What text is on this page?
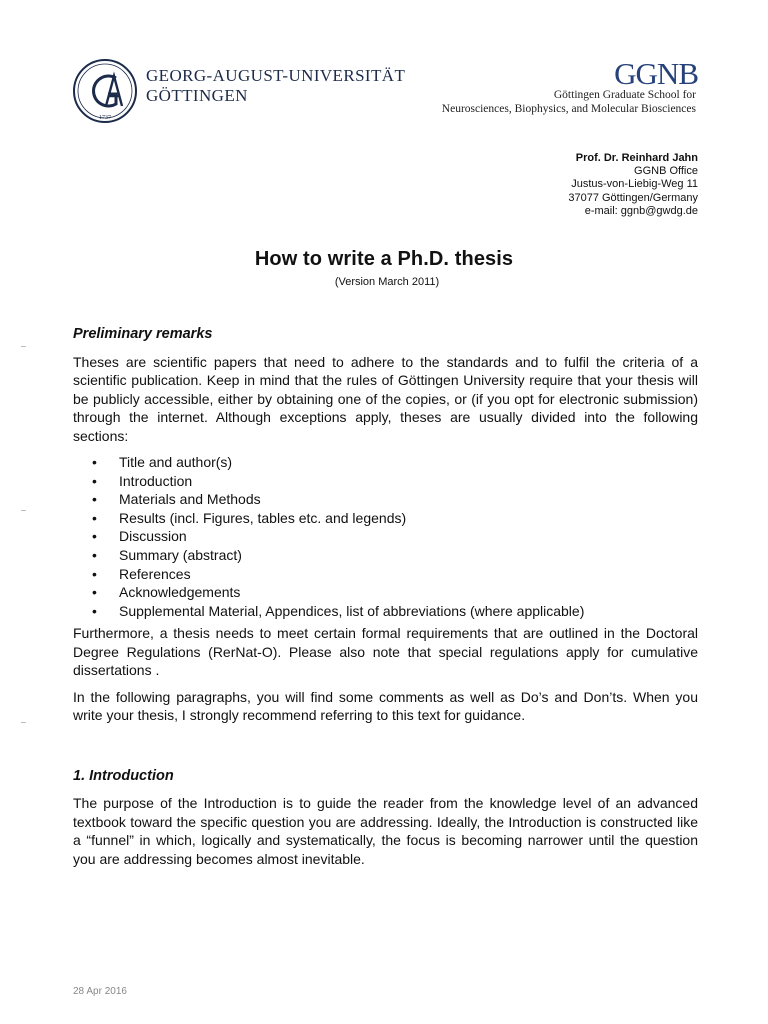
1737
GEORG-AUGUST-UNIVERSITÄT
GÖTTINGEN
GGNB
Göttingen Graduate School for
Neurosciences, Biophysics, and Molecular Biosciences
Prof. Dr. Reinhard Jahn
GGNB Office
Justus-von-Liebig-Weg 11
37077 Göttingen/Germany
e-mail: ggnb@gwdg.de
How to write a Ph.D. thesis
(Version March 2011)
Preliminary remarks
Theses are scientific papers that need to adhere to the standards and to fulfil the criteria of a scientific publication. Keep in mind that the rules of Göttingen University require that your thesis will be publicly accessible, either by obtaining one of the copies, or (if you opt for electronic submission) through the internet. Although exceptions apply, theses are usually divided into the following sections:
• Title and author(s)
• Introduction
• Materials and Methods
• Results (incl. Figures, tables etc. and legends)
• Discussion
• Summary (abstract)
• References
• Acknowledgements
• Supplemental Material, Appendices, list of abbreviations (where applicable)
Furthermore, a thesis needs to meet certain formal requirements that are outlined in the Doctoral Degree Regulations (RerNat-O). Please also note that special regulations apply for cumulative dissertations .
In the following paragraphs, you will find some comments as well as Do’s and Don’ts. When you write your thesis, I strongly recommend referring to this text for guidance.
1. Introduction
The purpose of the Introduction is to guide the reader from the knowledge level of an advanced textbook toward the specific question you are addressing. Ideally, the Introduction is constructed like a “funnel” in which, logically and systematically, the focus is becoming narrower until the question you are addressing becomes almost inevitable.
28 Apr 2016
